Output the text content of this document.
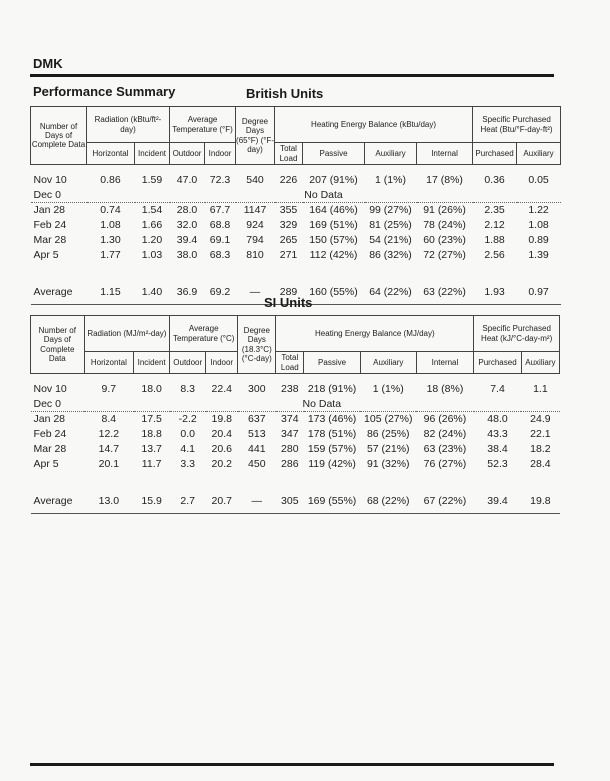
DMK
Performance Summary	British Units
Number of Days of Complete Data	Radiation (kBtu/ft²-day)		Average Temperature (°F)		Degree Days (65°F) (°F-day)	Heating Energy Balance (kBtu/day)				Specific Purchased Heat (Btu/°F-day-ft²)	
	Horizontal	Incident	Outdoor	Indoor		Total Load	Passive	Auxiliary	Internal	Purchased	Auxiliary

Nov 10	0.86	1.59	47.0	72.3	540	226	207 (91%)	1 (1%)	17 (8%)	0.36	0.05
Dec 0	No Data										
Jan 28	0.74	1.54	28.0	67.7	1147	355	164 (46%)	99 (27%)	91 (26%)	2.35	1.22
Feb 24	1.08	1.66	32.0	68.8	924	329	169 (51%)	81 (25%)	78 (24%)	2.12	1.08
Mar 28	1.30	1.20	39.4	69.1	794	265	150 (57%)	54 (21%)	60 (23%)	1.88	0.89
Apr 5	1.77	1.03	38.0	68.3	810	271	112 (42%)	86 (32%)	72 (27%)	2.56	1.39

Average	1.15	1.40	36.9	69.2	—	289	160 (55%)	64 (22%)	63 (22%)	1.93	0.97
SI Units
Number of Days of Complete Data	Radiation (MJ/m²-day)		Average Temperature (°C)		Degree Days (18.3°C) (°C-day)	Heating Energy Balance (MJ/day)				Specific Purchased Heat (kJ/°C-day-m²)	
	Horizontal	Incident	Outdoor	Indoor		Total Load	Passive	Auxiliary	Internal	Purchased	Auxiliary

Nov 10	9.7	18.0	8.3	22.4	300	238	218 (91%)	1 (1%)	18 (8%)	7.4	1.1
Dec 0	No Data										
Jan 28	8.4	17.5	-2.2	19.8	637	374	173 (46%)	105 (27%)	96 (26%)	48.0	24.9
Feb 24	12.2	18.8	0.0	20.4	513	347	178 (51%)	86 (25%)	82 (24%)	43.3	22.1
Mar 28	14.7	13.7	4.1	20.6	441	280	159 (57%)	57 (21%)	63 (23%)	38.4	18.2
Apr 5	20.1	11.7	3.3	20.2	450	286	119 (42%)	91 (32%)	76 (27%)	52.3	28.4

Average	13.0	15.9	2.7	20.7	—	305	169 (55%)	68 (22%)	67 (22%)	39.4	19.8
